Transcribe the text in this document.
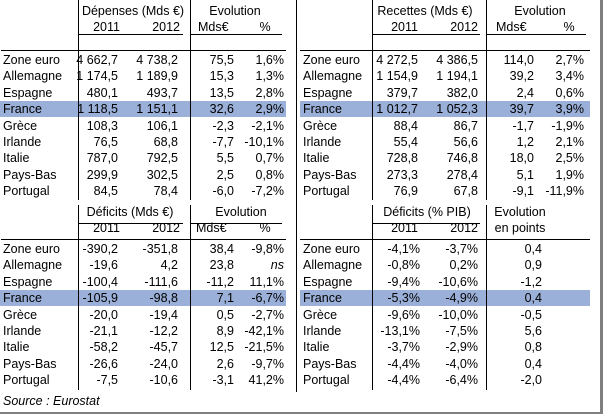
Dépenses (Mds €)	Evolution
2011	2012 Mds€	%
Zone euro	4 662,7	4 738,2	75,5	1,6%
Allemagne	1 174,5	1 189,9	15,3	1,3%
Espagne	480,1	493,7	13,5	2,8%
France	1 118,5	1 151,1	32,6	2,9%
Grèce	108,3	106,1	-2,3	-2,1%
Irlande	76,5	68,8	-7,7 -10,1%
Italie	787,0	792,5	5,5	0,7%
Pays-Bas	299,9	302,5	2,5	0,8%
Portugal	84,5	78,4	-6,0	-7,2%
Recettes (Mds €)	Evolution
2011	2012 Mds€	%
Zone euro	4 272,5	4 386,5	114,0	2,7%
Allemagne	1 154,9	1 194,1	39,2	3,4%
Espagne	379,7	382,0	2,4	0,6%
France	1 012,7	1 052,3	39,7	3,9%
Grèce	88,4	86,7	-1,7	-1,9%
Irlande	55,4	56,6	1,2	2,1%
Italie	728,8	746,8	18,0	2,5%
Pays-Bas	273,3	278,4	5,1	1,9%
Portugal	76,9	67,8	-9,1 -11,9%
Déficits (Mds €)	Evolution
2011	2012 Mds€	%
Zone euro	-390,2	-351,8	38,4	-9,8%
Allemagne	-19,6	4,2	23,8	ns
Espagne	-100,4	-111,6	-11,2	11,1%
France	-105,9	-98,8	7,1	-6,7%
Grèce	-20,0	-19,4	0,5	-2,7%
Irlande	-21,1	-12,2	8,9 -42,1%
Italie	-58,2	-45,7	12,5 -21,5%
Pays-Bas	-26,6	-24,0	2,6	-9,7%
Portugal	-7,5	-10,6	-3,1	41,2%
Déficits (% PIB)	Evolution
2011	2012	en points
Zone euro	-4,1%	-3,7%	0,4
Allemagne	-0,8%	0,2%	0,9
Espagne	-9,4%	-10,6%	-1,2
France	-5,3%	-4,9%	0,4
Grèce	-9,6%	-10,0%	-0,5
Irlande	-13,1%	-7,5%	5,6
Italie	-3,7%	-2,9%	0,8
Pays-Bas	-4,4%	-4,0%	0,4
Portugal	-4,4%	-6,4%	-2,0
Source : Eurostat
